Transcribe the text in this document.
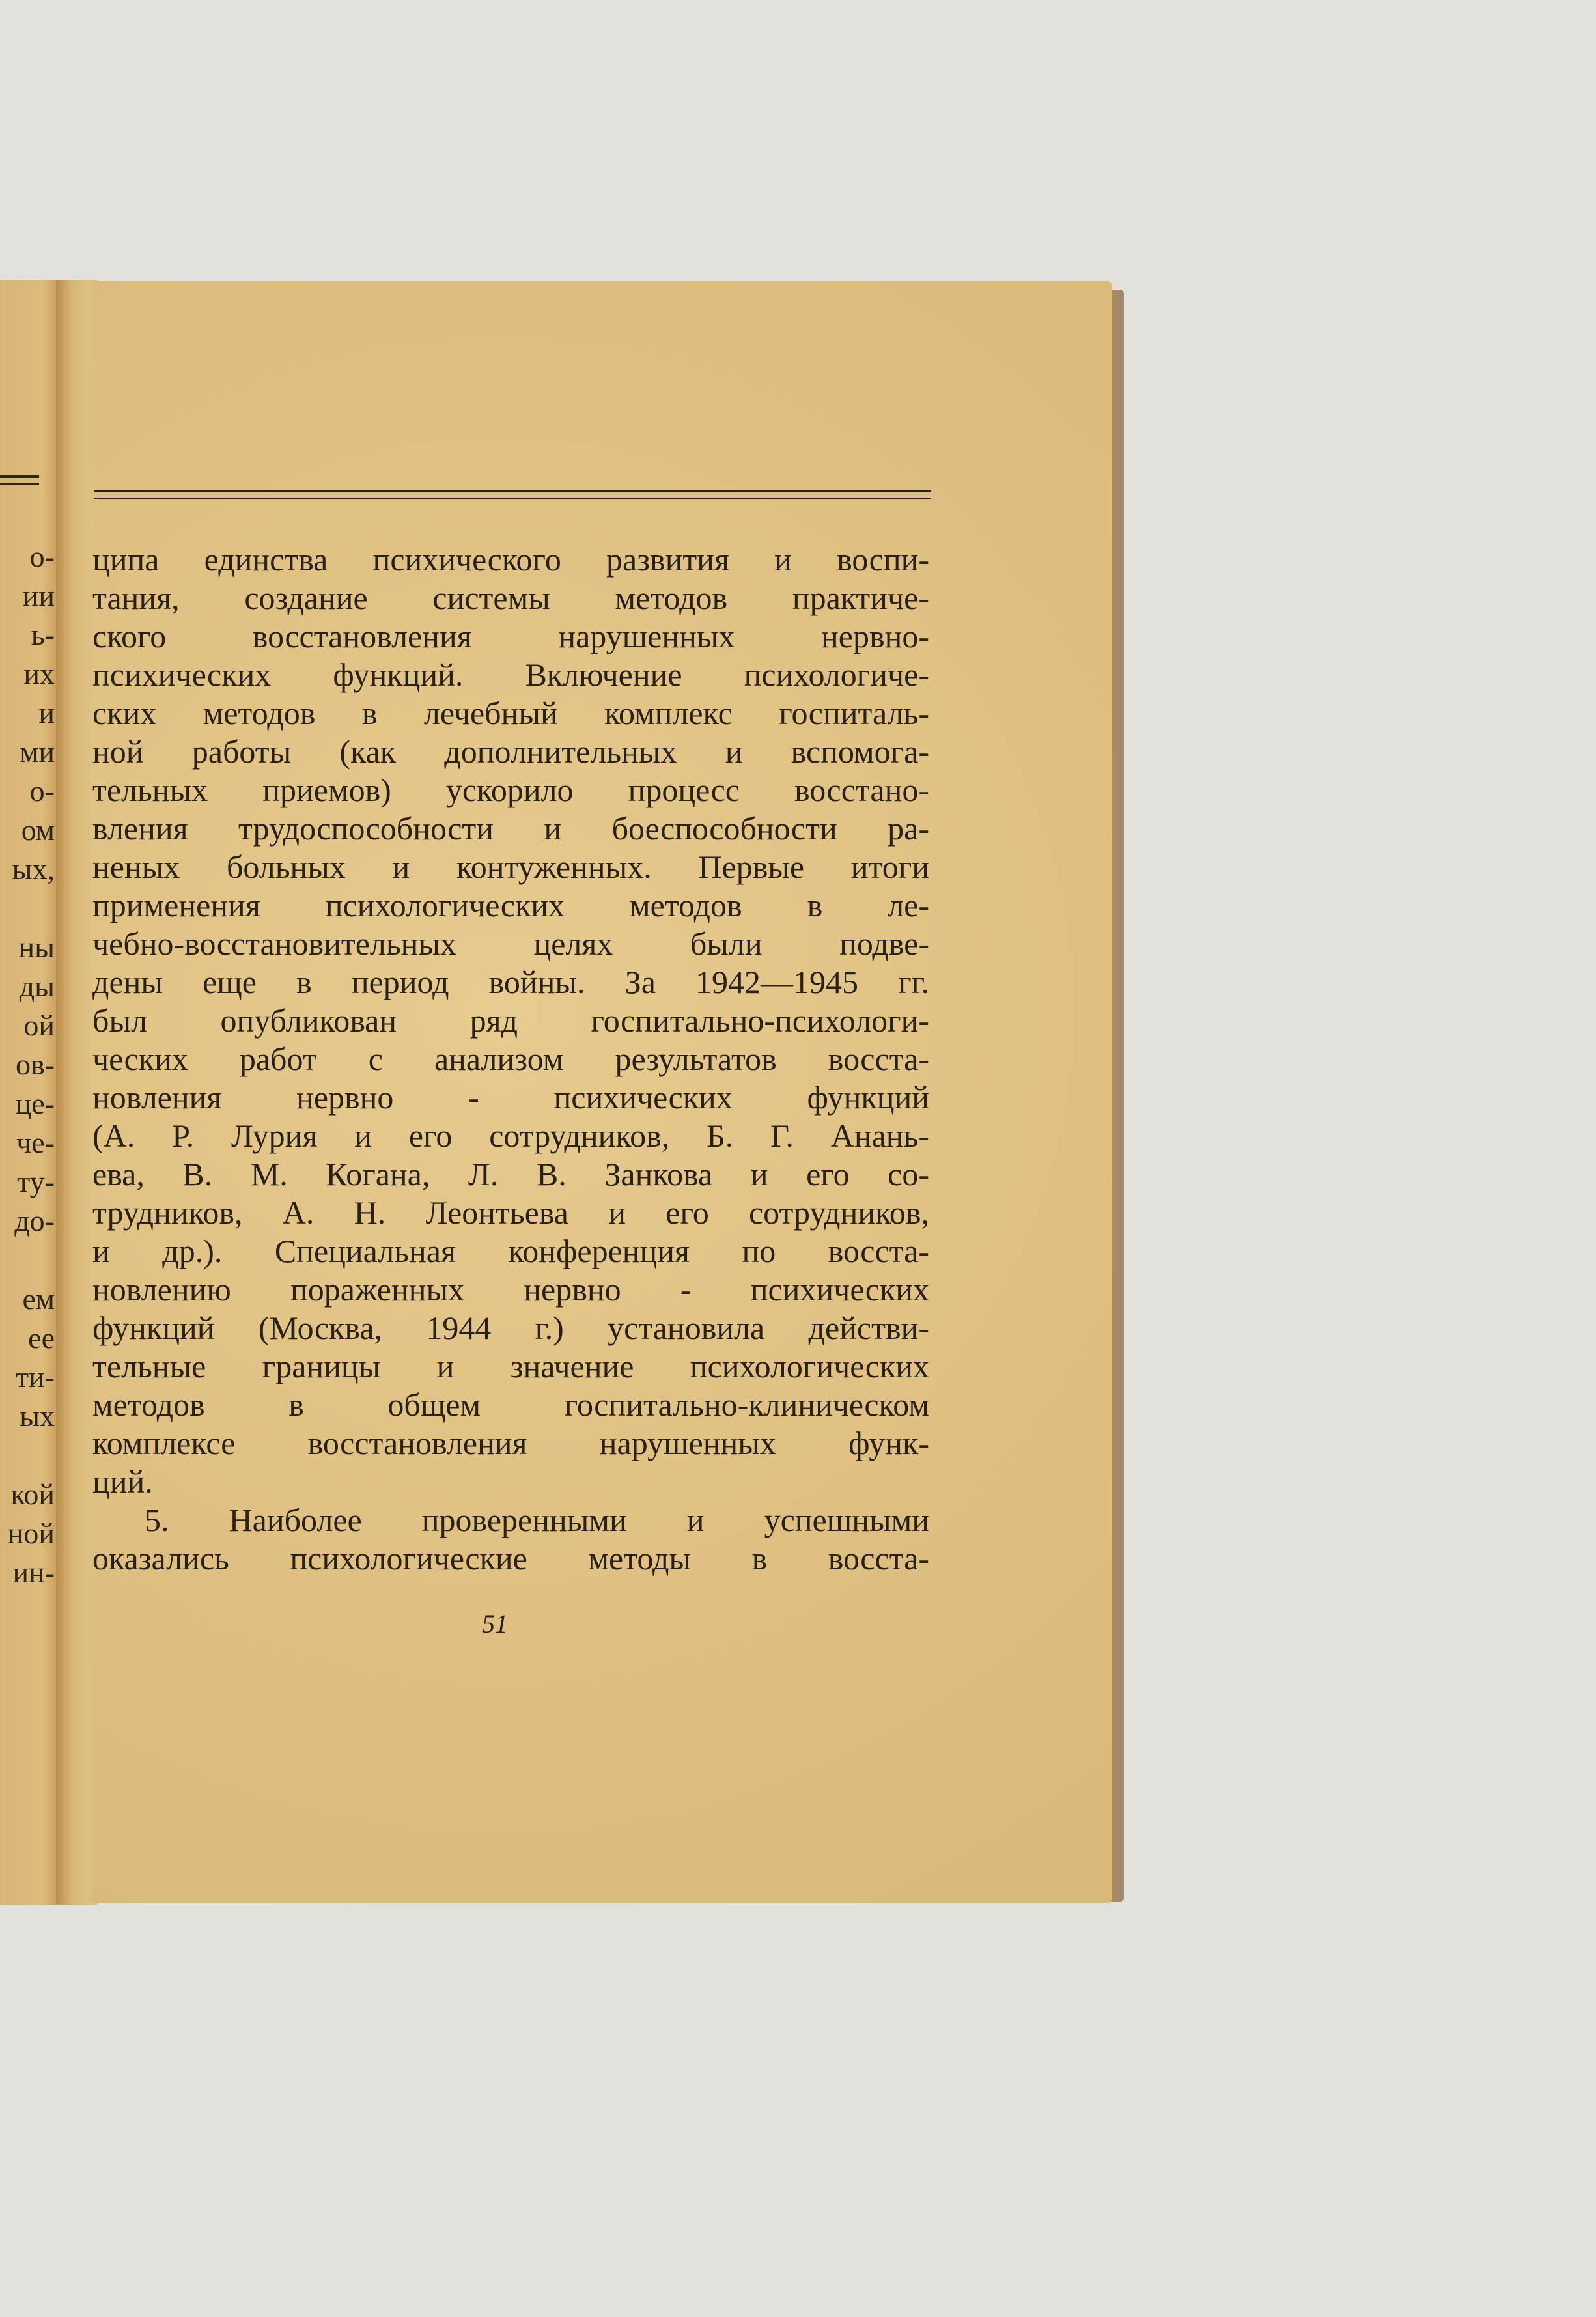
о-
ии
ь-
их
и
ми
о-
ом
ых,
ны
ды
ой
ов-
це-
че-
ту-
до-
ем
ее
ти-
ых
кой
ной
ин-
ципа единства психического развития и воспи-
тания, создание системы методов практиче-
ского восстановления нарушенных нервно-
психических функций. Включение психологиче-
ских методов в лечебный комплекс госпиталь-
ной работы (как дополнительных и вспомога-
тельных приемов) ускорило процесс восстано-
вления трудоспособности и боеспособности ра-
неных больных и контуженных. Первые итоги
применения психологических методов в ле-
чебно-восстановительных целях были подве-
дены еще в период войны. За 1942—1945 гг.
был опубликован ряд госпитально-психологи-
ческих работ с анализом результатов восста-
новления нервно - психических функций
(А. Р. Лурия и его сотрудников, Б. Г. Анань-
ева, В. М. Когана, Л. В. Занкова и его со-
трудников, А. Н. Леонтьева и его сотрудников,
и др.). Специальная конференция по восста-
новлению пораженных нервно - психических
функций (Москва, 1944 г.) установила действи-
тельные границы и значение психологических
методов в общем госпитально-клиническом
комплексе восстановления нарушенных функ-
ций.
5. Наиболее проверенными и успешными
оказались психологические методы в восста-
51
